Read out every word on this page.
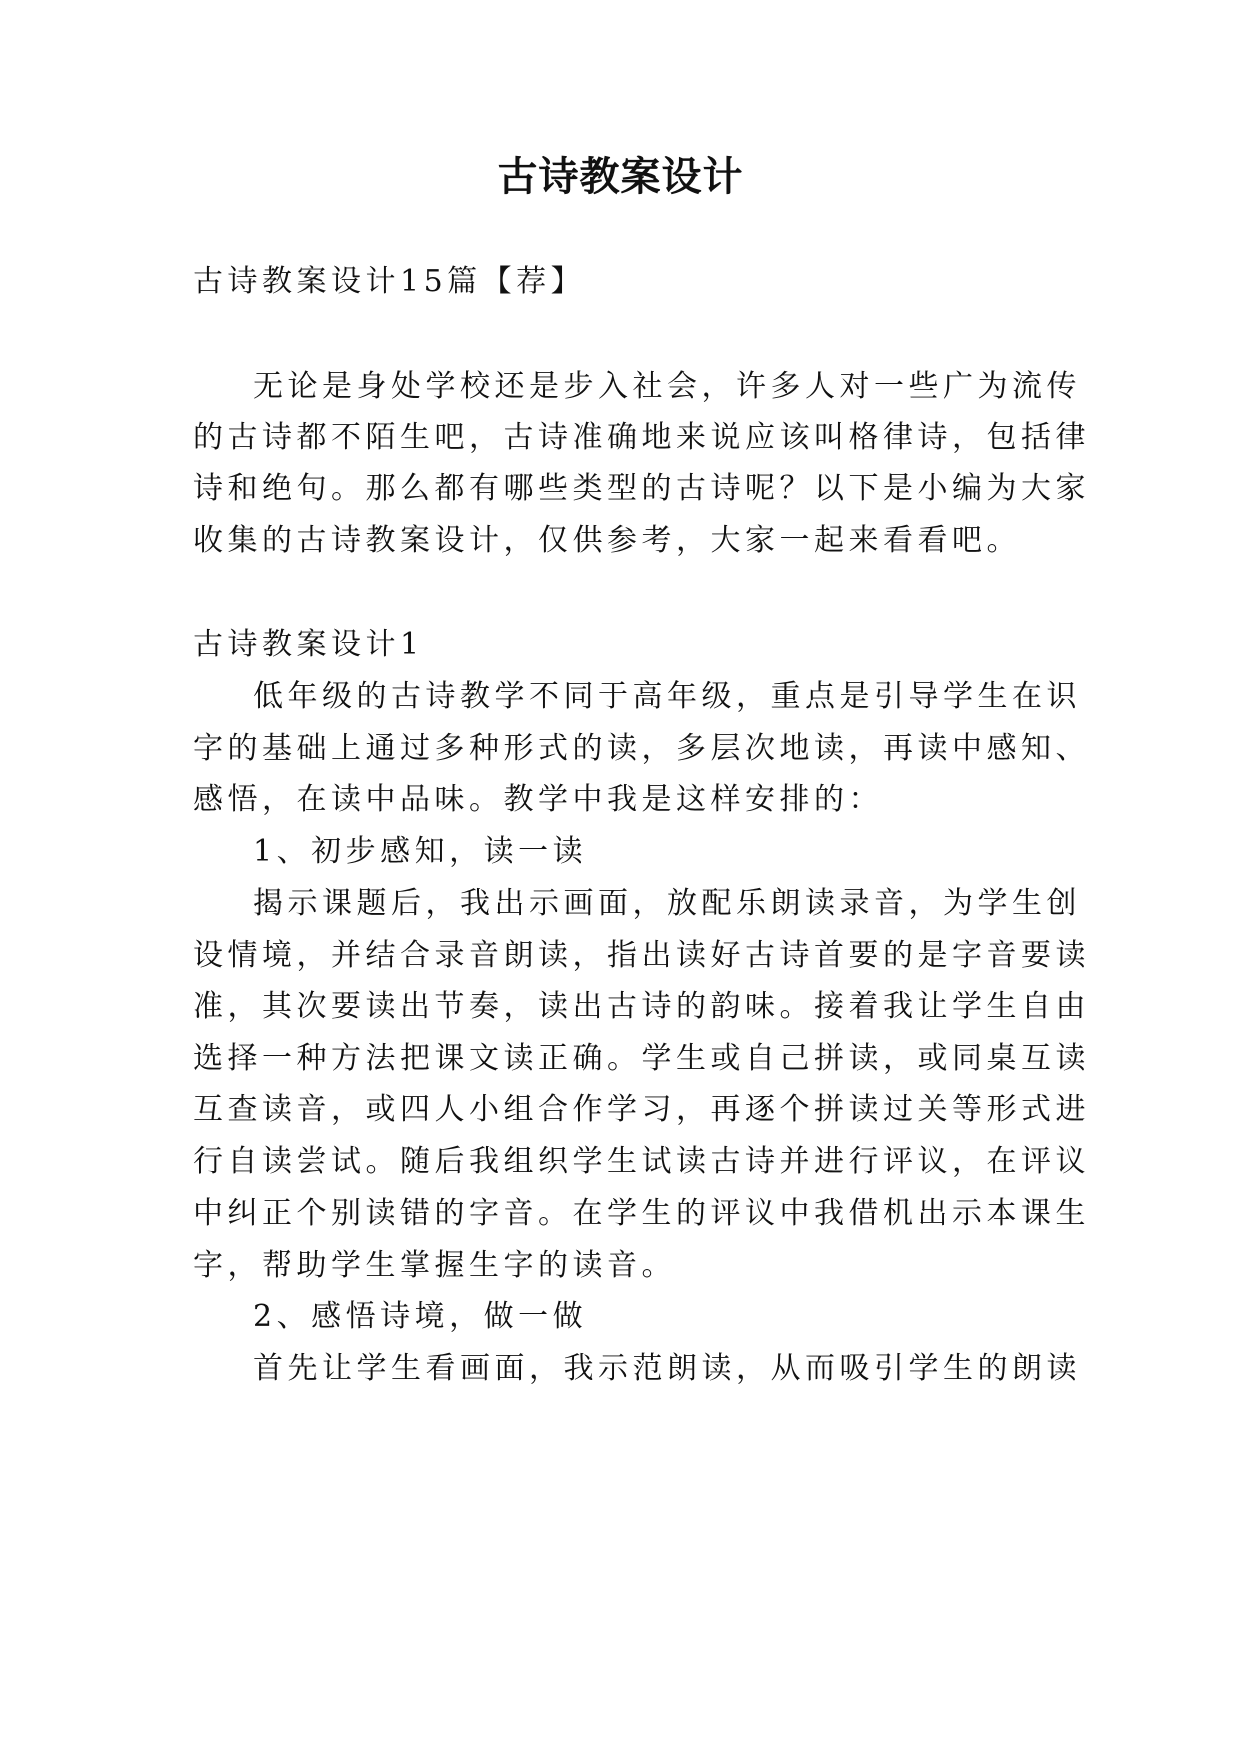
古诗教案设计
古诗教案设计15篇【荐】
无论是身处学校还是步入社会，许多人对一些广为流传
的古诗都不陌生吧，古诗准确地来说应该叫格律诗，包括律
诗和绝句。那么都有哪些类型的古诗呢？以下是小编为大家
收集的古诗教案设计，仅供参考，大家一起来看看吧。
古诗教案设计1
低年级的古诗教学不同于高年级，重点是引导学生在识
字的基础上通过多种形式的读，多层次地读，再读中感知、
感悟，在读中品味。教学中我是这样安排的：
1、初步感知，读一读
揭示课题后，我出示画面，放配乐朗读录音，为学生创
设情境，并结合录音朗读，指出读好古诗首要的是字音要读
准，其次要读出节奏，读出古诗的韵味。接着我让学生自由
选择一种方法把课文读正确。学生或自己拼读，或同桌互读
互查读音，或四人小组合作学习，再逐个拼读过关等形式进
行自读尝试。随后我组织学生试读古诗并进行评议，在评议
中纠正个别读错的字音。在学生的评议中我借机出示本课生
字，帮助学生掌握生字的读音。
2、感悟诗境，做一做
首先让学生看画面，我示范朗读，从而吸引学生的朗读
